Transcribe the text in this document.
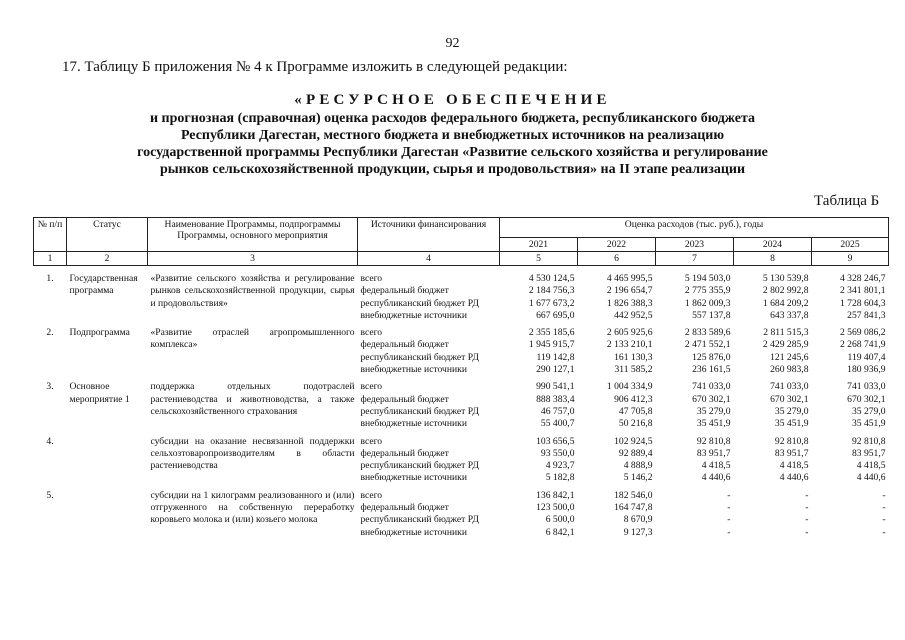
92
17. Таблицу Б приложения № 4 к Программе изложить в следующей редакции:
«РЕСУРСНОЕ ОБЕСПЕЧЕНИЕ
и прогнозная (справочная) оценка расходов федерального бюджета, республиканского бюджета
Республики Дагестан, местного бюджета и внебюджетных источников на реализацию
государственной программы Республики Дагестан «Развитие сельского хозяйства и регулирование
рынков сельскохозяйственной продукции, сырья и продовольствия» на II этапе реализации
Таблица Б
№ п/п	Статус	Наименование Программы, подпрограммы Программы, основного мероприятия	Источники финансирования	Оценка расходов (тыс. руб.), годы				
				2021	2022	2023	2024	2025
1	2	3	4	5	6	7	8	9

1.	Государственная программа	«Развитие сельского хозяйства и регулирование рынков сельскохозяйственной продукции, сырья и продовольствия»	всего	4 530 124,5	4 465 995,5	5 194 503,0	5 130 539,8	4 328 246,7
			федеральный бюджет	2 184 756,3	2 196 654,7	2 775 355,9	2 802 992,8	2 341 801,1
			республиканский бюджет РД	1 677 673,2	1 826 388,3	1 862 009,3	1 684 209,2	1 728 604,3
			внебюджетные источники	667 695,0	442 952,5	557 137,8	643 337,8	257 841,3

2.	Подпрограмма	«Развитие отраслей агропромышленного комплекса»	всего	2 355 185,6	2 605 925,6	2 833 589,6	2 811 515,3	2 569 086,2
			федеральный бюджет	1 945 915,7	2 133 210,1	2 471 552,1	2 429 285,9	2 268 741,9
			республиканский бюджет РД	119 142,8	161 130,3	125 876,0	121 245,6	119 407,4
			внебюджетные источники	290 127,1	311 585,2	236 161,5	260 983,8	180 936,9

3.	Основное мероприятие 1	поддержка отдельных подотраслей растениеводства и животноводства, а также сельскохозяйственного страхования	всего	990 541,1	1 004 334,9	741 033,0	741 033,0	741 033,0
			федеральный бюджет	888 383,4	906 412,3	670 302,1	670 302,1	670 302,1
			республиканский бюджет РД	46 757,0	47 705,8	35 279,0	35 279,0	35 279,0
			внебюджетные источники	55 400,7	50 216,8	35 451,9	35 451,9	35 451,9

4.		субсидии на оказание несвязанной поддержки сельхозтоваропроизводителям в области растениеводства	всего	103 656,5	102 924,5	92 810,8	92 810,8	92 810,8
			федеральный бюджет	93 550,0	92 889,4	83 951,7	83 951,7	83 951,7
			республиканский бюджет РД	4 923,7	4 888,9	4 418,5	4 418,5	4 418,5
			внебюджетные источники	5 182,8	5 146,2	4 440,6	4 440,6	4 440,6

5.		субсидии на 1 килограмм реализованного и (или) отгруженного на собственную переработку коровьего молока и (или) козьего молока	всего	136 842,1	182 546,0	-	-	-
			федеральный бюджет	123 500,0	164 747,8	-	-	-
			республиканский бюджет РД	6 500,0	8 670,9	-	-	-
			внебюджетные источники	6 842,1	9 127,3	-	-	-
